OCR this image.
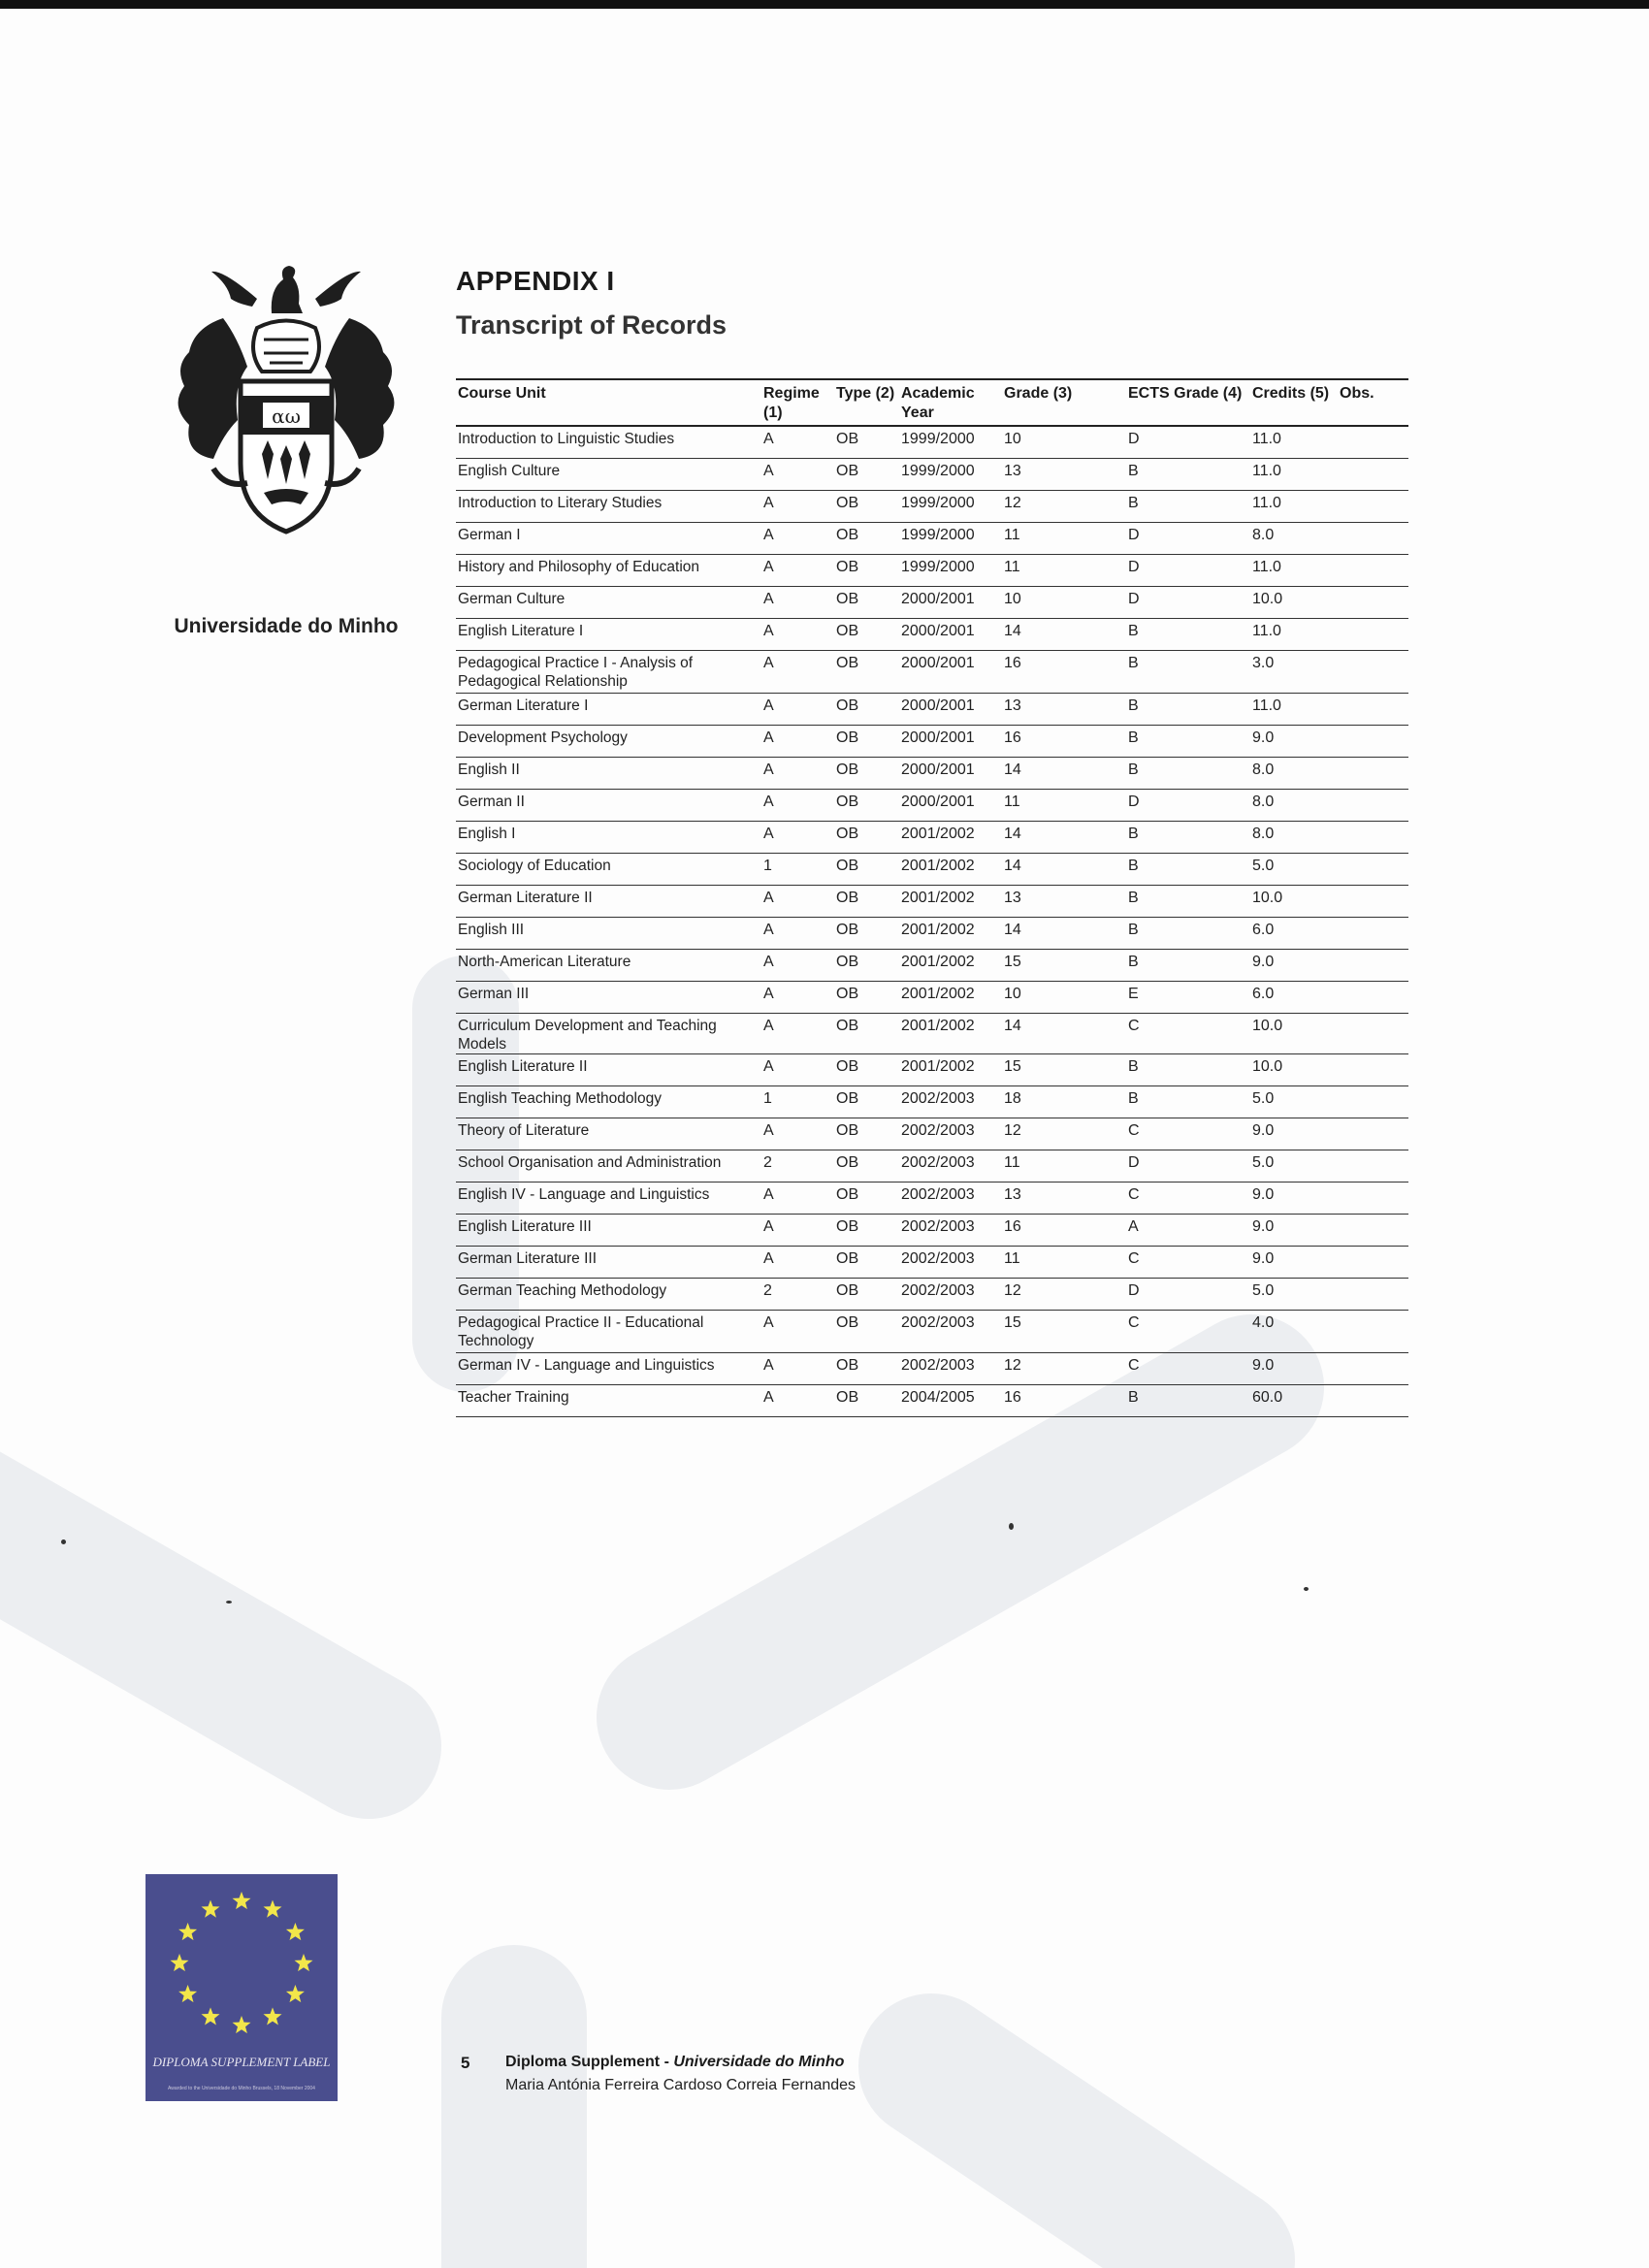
αω
Universidade do Minho
APPENDIX I
Transcript of Records
Course Unit	Regime (1)	Type (2)	Academic Year	Grade (3)	ECTS Grade (4)	Credits (5)	Obs.
Introduction to Linguistic Studies	A	OB	1999/2000	10	D	11.0	
English Culture	A	OB	1999/2000	13	B	11.0	
Introduction to Literary Studies	A	OB	1999/2000	12	B	11.0	
German I	A	OB	1999/2000	11	D	8.0	
History and Philosophy of Education	A	OB	1999/2000	11	D	11.0	
German Culture	A	OB	2000/2001	10	D	10.0	
English Literature I	A	OB	2000/2001	14	B	11.0	
Pedagogical Practice I - Analysis of Pedagogical Relationship	A	OB	2000/2001	16	B	3.0	
German Literature I	A	OB	2000/2001	13	B	11.0	
Development Psychology	A	OB	2000/2001	16	B	9.0	
English II	A	OB	2000/2001	14	B	8.0	
German II	A	OB	2000/2001	11	D	8.0	
English I	A	OB	2001/2002	14	B	8.0	
Sociology of Education	1	OB	2001/2002	14	B	5.0	
German Literature II	A	OB	2001/2002	13	B	10.0	
English III	A	OB	2001/2002	14	B	6.0	
North-American Literature	A	OB	2001/2002	15	B	9.0	
German III	A	OB	2001/2002	10	E	6.0	
Curriculum Development and Teaching Models	A	OB	2001/2002	14	C	10.0	
English Literature II	A	OB	2001/2002	15	B	10.0	
English Teaching Methodology	1	OB	2002/2003	18	B	5.0	
Theory of Literature	A	OB	2002/2003	12	C	9.0	
School Organisation and Administration	2	OB	2002/2003	11	D	5.0	
English IV - Language and Linguistics	A	OB	2002/2003	13	C	9.0	
English Literature III	A	OB	2002/2003	16	A	9.0	
German Literature III	A	OB	2002/2003	11	C	9.0	
German Teaching Methodology	2	OB	2002/2003	12	D	5.0	
Pedagogical Practice II - Educational Technology	A	OB	2002/2003	15	C	4.0	
German IV - Language and Linguistics	A	OB	2002/2003	12	C	9.0	
Teacher Training	A	OB	2004/2005	16	B	60.0	
DIPLOMA SUPPLEMENT LABEL
Awarded to the Universidade do Minho Brussels, 18 November 2004
5 Diploma Supplement - Universidade do Minho
Maria Antónia Ferreira Cardoso Correia Fernandes
